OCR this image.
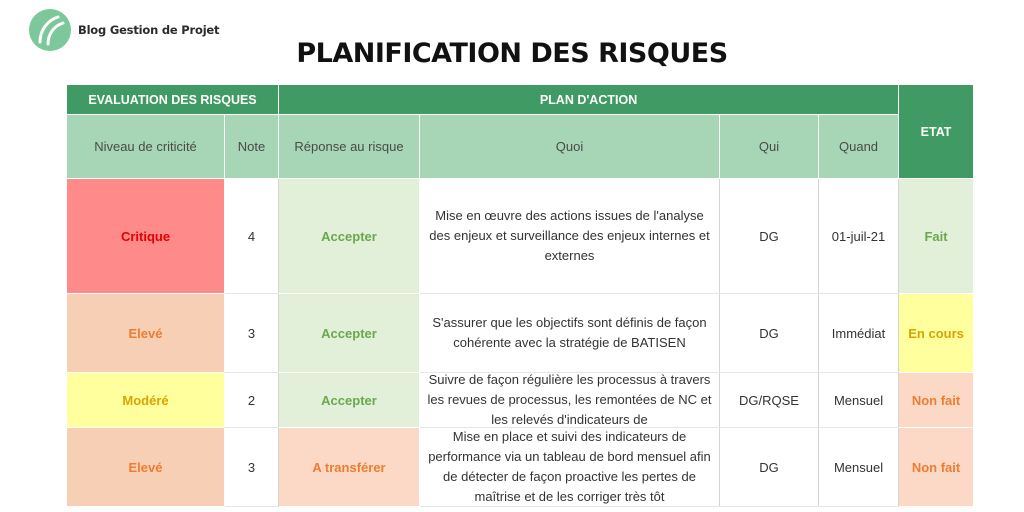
Blog Gestion de Projet
PLANIFICATION DES RISQUES
EVALUATION DES RISQUES		PLAN D'ACTION				ETAT
Niveau de criticité	Note	Réponse au risque	Quoi	Qui	Quand	
Critique	4	Accepter	Mise en œuvre des actions issues de l'analyse des enjeux et surveillance des enjeux internes et externes	DG	01-juil-21	Fait
Elevé	3	Accepter	S'assurer que les objectifs sont définis de façon cohérente avec la stratégie de BATISEN	DG	Immédiat	En cours
Modéré	2	Accepter	Suivre de façon régulière les processus à travers les revues de processus, les remontées de NC et les relevés d'indicateurs de	DG/RQSE	Mensuel	Non fait
Elevé	3	A transférer	Mise en place et suivi des indicateurs de performance via un tableau de bord mensuel afin de détecter de façon proactive les pertes de maîtrise et de les corriger très tôt	DG	Mensuel	Non fait
